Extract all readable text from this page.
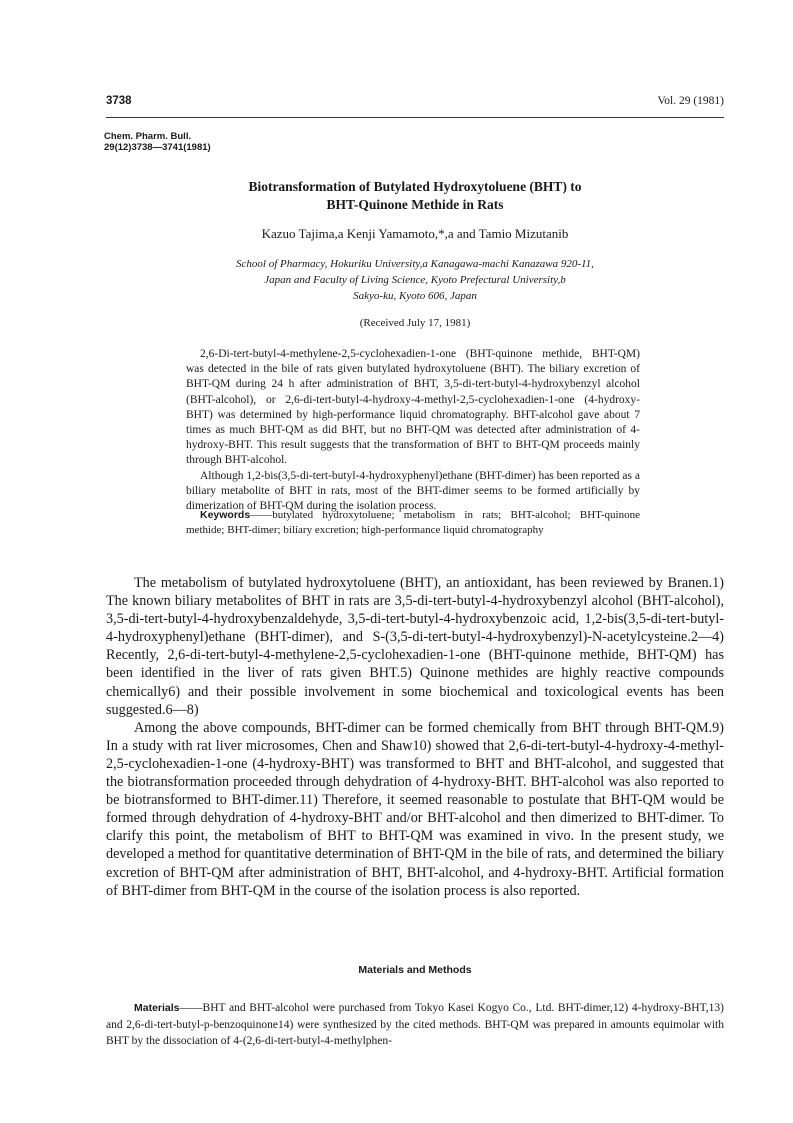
3738	Vol. 29 (1981)
Chem. Pharm. Bull.
29(12)3738—3741(1981)
Biotransformation of Butylated Hydroxytoluene (BHT) to
BHT-Quinone Methide in Rats
Kazuo Tajima,a Kenji Yamamoto,*,a and Tamio Mizutanib
School of Pharmacy, Hokuriku University,a Kanagawa-machi Kanazawa 920-11,
Japan and Faculty of Living Science, Kyoto Prefectural University,b
Sakyo-ku, Kyoto 606, Japan
(Received July 17, 1981)

2,6-Di-tert-butyl-4-methylene-2,5-cyclohexadien-1-one (BHT-quinone methide, BHT-QM) was detected in the bile of rats given butylated hydroxytoluene (BHT). The biliary excretion of BHT-QM during 24 h after administration of BHT, 3,5-di-tert-butyl-4-hydroxybenzyl alcohol (BHT-alcohol), or 2,6-di-tert-butyl-4-hydroxy-4-methyl-2,5-cyclohexadien-1-one (4-hydroxy-BHT) was determined by high-performance liquid chromatography. BHT-alcohol gave about 7 times as much BHT-QM as did BHT, but no BHT-QM was detected after administration of 4-hydroxy-BHT. This result suggests that the transformation of BHT to BHT-QM proceeds mainly through BHT-alcohol.

Although 1,2-bis(3,5-di-tert-butyl-4-hydroxyphenyl)ethane (BHT-dimer) has been reported as a biliary metabolite of BHT in rats, most of the BHT-dimer seems to be formed artificially by dimerization of BHT-QM during the isolation process.

Keywords——butylated hydroxytoluene; metabolism in rats; BHT-alcohol; BHT-quinone methide; BHT-dimer; biliary excretion; high-performance liquid chromatography

The metabolism of butylated hydroxytoluene (BHT), an antioxidant, has been reviewed by Branen.1) The known biliary metabolites of BHT in rats are 3,5-di-tert-butyl-4-hydroxybenzyl alcohol (BHT-alcohol), 3,5-di-tert-butyl-4-hydroxybenzaldehyde, 3,5-di-tert-butyl-4-hydroxybenzoic acid, 1,2-bis(3,5-di-tert-butyl-4-hydroxyphenyl)ethane (BHT-dimer), and S-(3,5-di-tert-butyl-4-hydroxybenzyl)-N-acetylcysteine.2—4) Recently, 2,6-di-tert-butyl-4-methylene-2,5-cyclohexadien-1-one (BHT-quinone methide, BHT-QM) has been identified in the liver of rats given BHT.5) Quinone methides are highly reactive compounds chemically6) and their possible involvement in some biochemical and toxicological events has been suggested.6—8)

Among the above compounds, BHT-dimer can be formed chemically from BHT through BHT-QM.9) In a study with rat liver microsomes, Chen and Shaw10) showed that 2,6-di-tert-butyl-4-hydroxy-4-methyl-2,5-cyclohexadien-1-one (4-hydroxy-BHT) was transformed to BHT and BHT-alcohol, and suggested that the biotransformation proceeded through dehydration of 4-hydroxy-BHT. BHT-alcohol was also reported to be biotransformed to BHT-dimer.11) Therefore, it seemed reasonable to postulate that BHT-QM would be formed through dehydration of 4-hydroxy-BHT and/or BHT-alcohol and then dimerized to BHT-dimer. To clarify this point, the metabolism of BHT to BHT-QM was examined in vivo. In the present study, we developed a method for quantitative determination of BHT-QM in the bile of rats, and determined the biliary excretion of BHT-QM after administration of BHT, BHT-alcohol, and 4-hydroxy-BHT. Artificial formation of BHT-dimer from BHT-QM in the course of the isolation process is also reported.

Materials and Methods

Materials——BHT and BHT-alcohol were purchased from Tokyo Kasei Kogyo Co., Ltd. BHT-dimer,12) 4-hydroxy-BHT,13) and 2,6-di-tert-butyl-p-benzoquinone14) were synthesized by the cited methods. BHT-QM was prepared in amounts equimolar with BHT by the dissociation of 4-(2,6-di-tert-butyl-4-methylphen-
